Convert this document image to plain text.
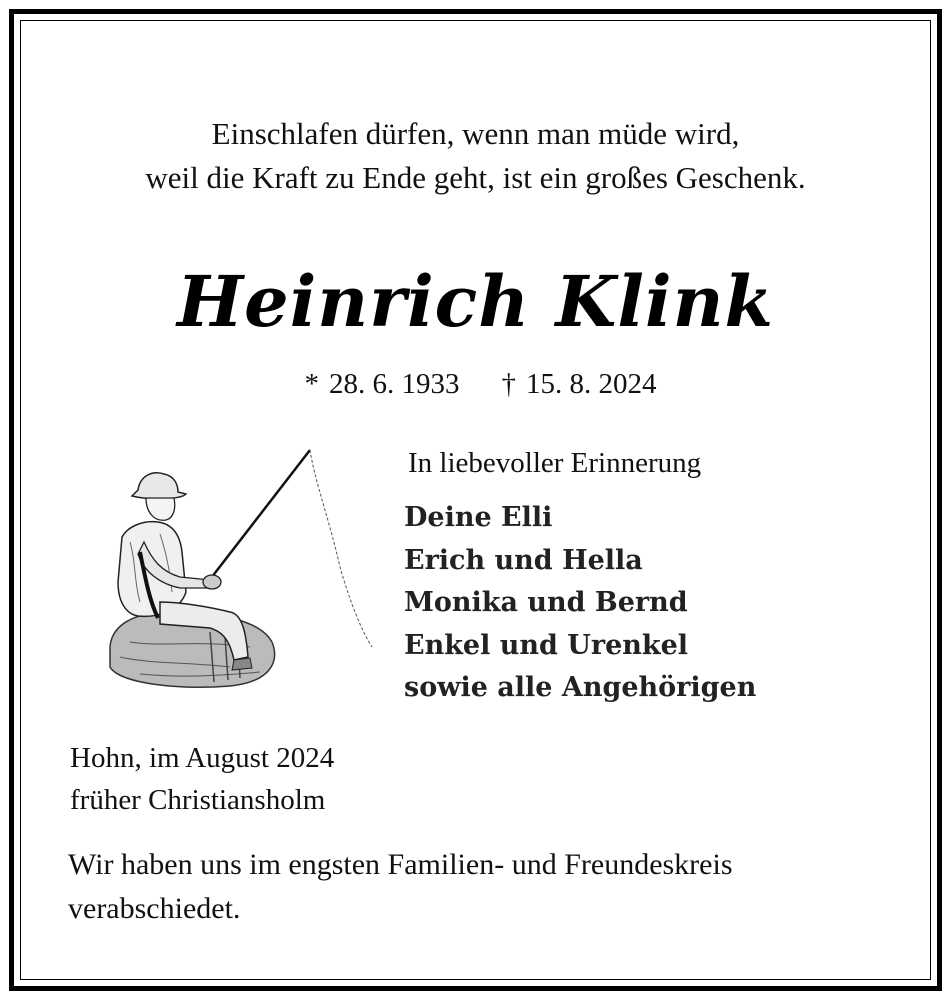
Einschlafen dürfen, wenn man müde wird,
weil die Kraft zu Ende geht, ist ein großes Geschenk.
Heinrich Klink
* 28. 6. 1933 † 15. 8. 2024
In liebevoller Erinnerung
Deine Elli
Erich und Hella
Monika und Bernd
Enkel und Urenkel
sowie alle Angehörigen
Hohn, im August 2024
früher Christiansholm
Wir haben uns im engsten Familien- und Freundeskreis verabschiedet.
